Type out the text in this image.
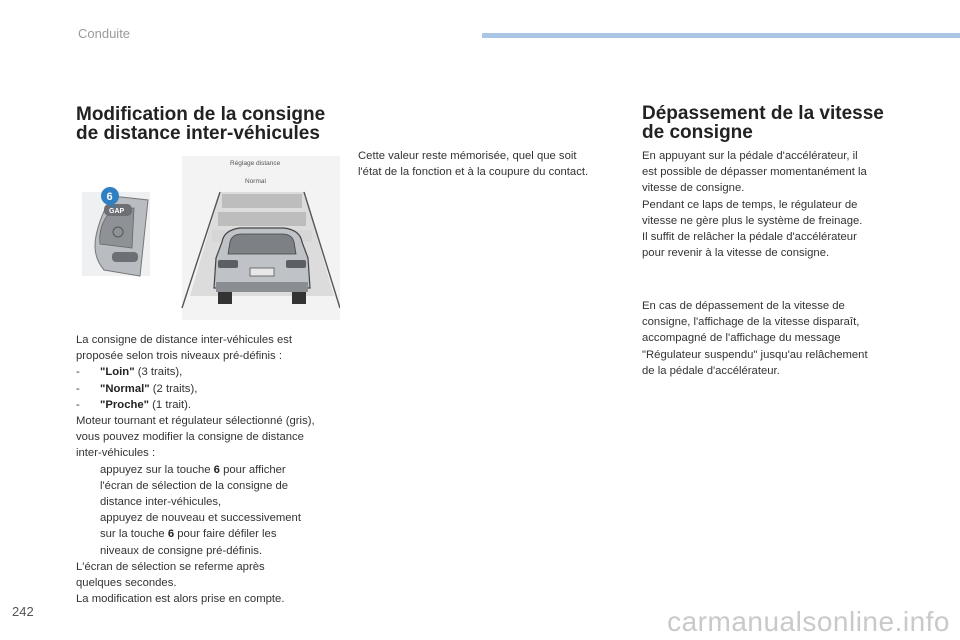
Conduite
Modification de la consigne
de distance inter-véhicules
GAP
6
Réglage distance
Normal
La consigne de distance inter-véhicules est
proposée selon trois niveaux pré-définis :
- "Loin" (3 traits),
- "Normal" (2 traits),
- "Proche" (1 trait).
Moteur tournant et régulateur sélectionné (gris),
vous pouvez modifier la consigne de distance
inter-véhicules :
appuyez sur la touche 6 pour afficher
l'écran de sélection de la consigne de
distance inter-véhicules,
appuyez de nouveau et successivement
sur la touche 6 pour faire défiler les
niveaux de consigne pré-définis.
L'écran de sélection se referme après
quelques secondes.
La modification est alors prise en compte.
Cette valeur reste mémorisée, quel que soit
l'état de la fonction et à la coupure du contact.
Dépassement de la vitesse
de consigne
En appuyant sur la pédale d'accélérateur, il
est possible de dépasser momentanément la
vitesse de consigne.
Pendant ce laps de temps, le régulateur de
vitesse ne gère plus le système de freinage.
Il suffit de relâcher la pédale d'accélérateur
pour revenir à la vitesse de consigne.
En cas de dépassement de la vitesse de
consigne, l'affichage de la vitesse disparaît,
accompagné de l'affichage du message
"Régulateur suspendu" jusqu'au relâchement
de la pédale d'accélérateur.
242	carmanualsonline.info
